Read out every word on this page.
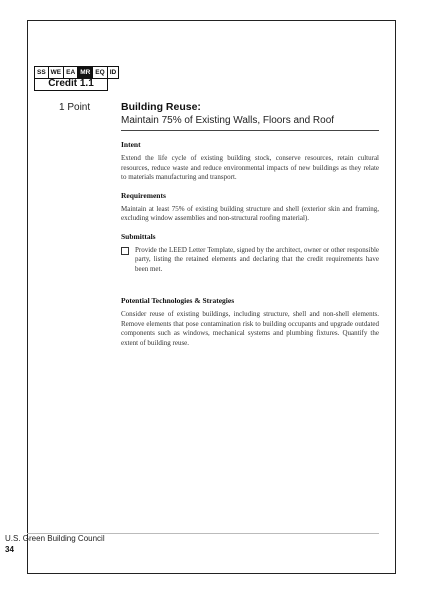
SS WE EA MR EQ ID
Credit 1.1
1 Point	Building Reuse:
Maintain 75% of Existing Walls, Floors and Roof
Intent

Extend the life cycle of existing building stock, conserve resources, retain cultural resources, reduce waste and reduce environmental impacts of new buildings as they relate to materials manufacturing and transport.

Requirements

Maintain at least 75% of existing building structure and shell (exterior skin and framing, excluding window assemblies and non-structural roofing material).

Submittals

Provide the LEED Letter Template, signed by the architect, owner or other responsible party, listing the retained elements and declaring that the credit requirements have been met.

Potential Technologies & Strategies

Consider reuse of existing buildings, including structure, shell and non-shell elements. Remove elements that pose contamination risk to building occupants and upgrade outdated components such as windows, mechanical systems and plumbing fixtures. Quantify the extent of building reuse.

U.S. Green Building Council
34
